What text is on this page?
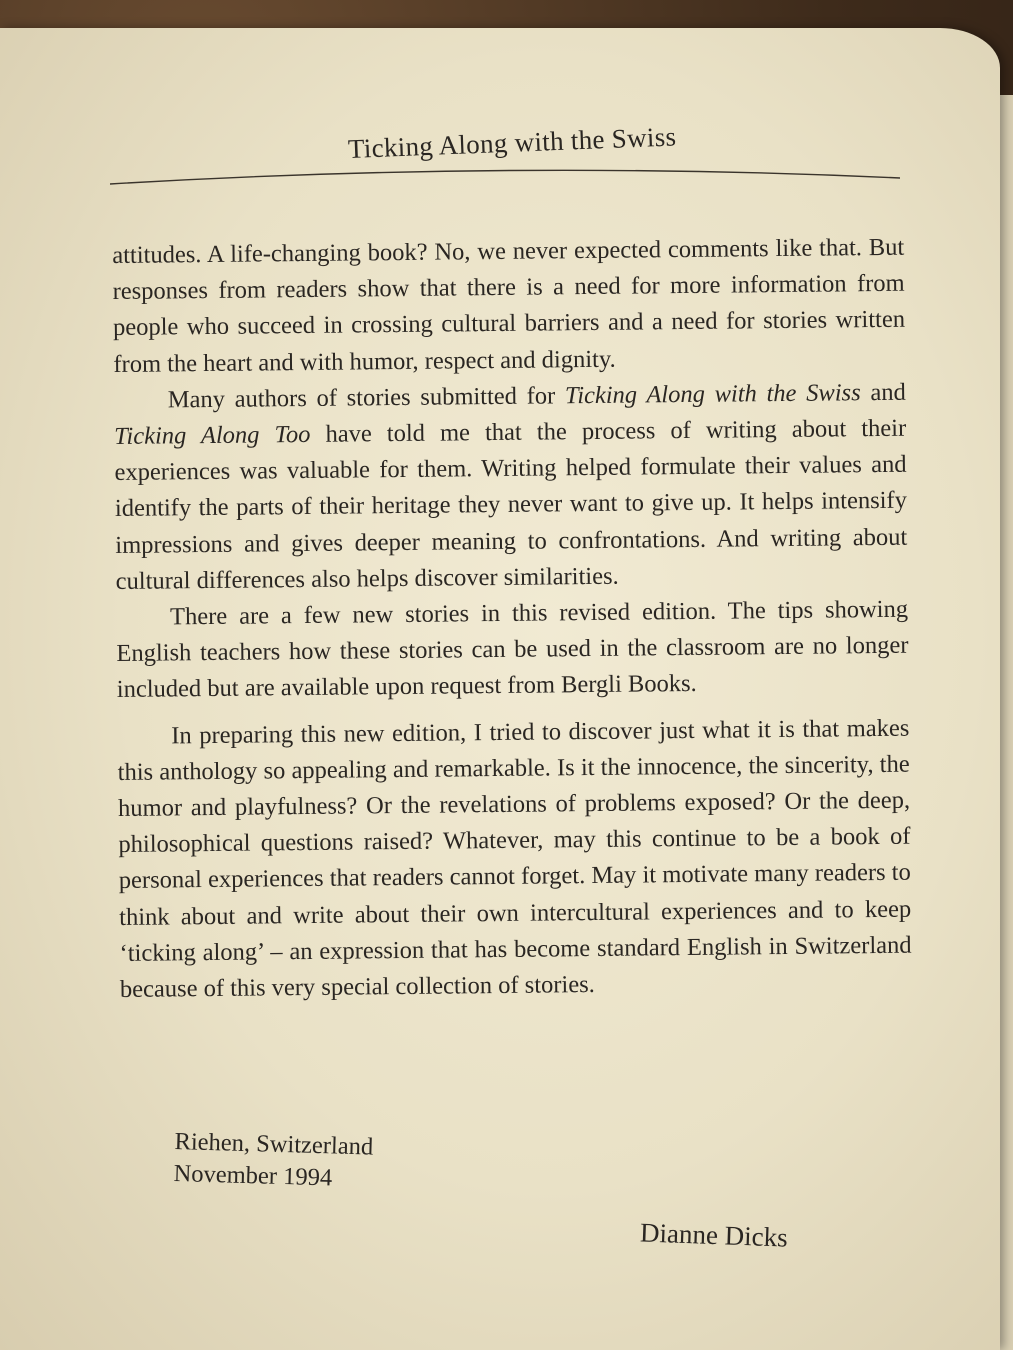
Ticking Along with the Swiss

attitudes. A life-changing book? No, we never expected comments like that. But responses from readers show that there is a need for more information from people who succeed in crossing cultural barriers and a need for stories written from the heart and with humor, respect and dignity.

Many authors of stories submitted for Ticking Along with the Swiss and Ticking Along Too have told me that the process of writing about their experiences was valuable for them. Writing helped formulate their values and identify the parts of their heritage they never want to give up. It helps intensify impressions and gives deeper meaning to confrontations. And writing about cultural differences also helps discover similarities.

There are a few new stories in this revised edition. The tips showing English teachers how these stories can be used in the classroom are no longer included but are available upon request from Bergli Books.

In preparing this new edition, I tried to discover just what it is that makes this anthology so appealing and remarkable. Is it the innocence, the sincerity, the humor and playfulness? Or the revelations of problems exposed? Or the deep, philosophical questions raised? Whatever, may this continue to be a book of personal experiences that readers cannot forget. May it motivate many readers to think about and write about their own intercultural experiences and to keep ‘ticking along’ – an expression that has become standard English in Switzerland because of this very special collection of stories.

Riehen, Switzerland
November 1994
Dianne Dicks
